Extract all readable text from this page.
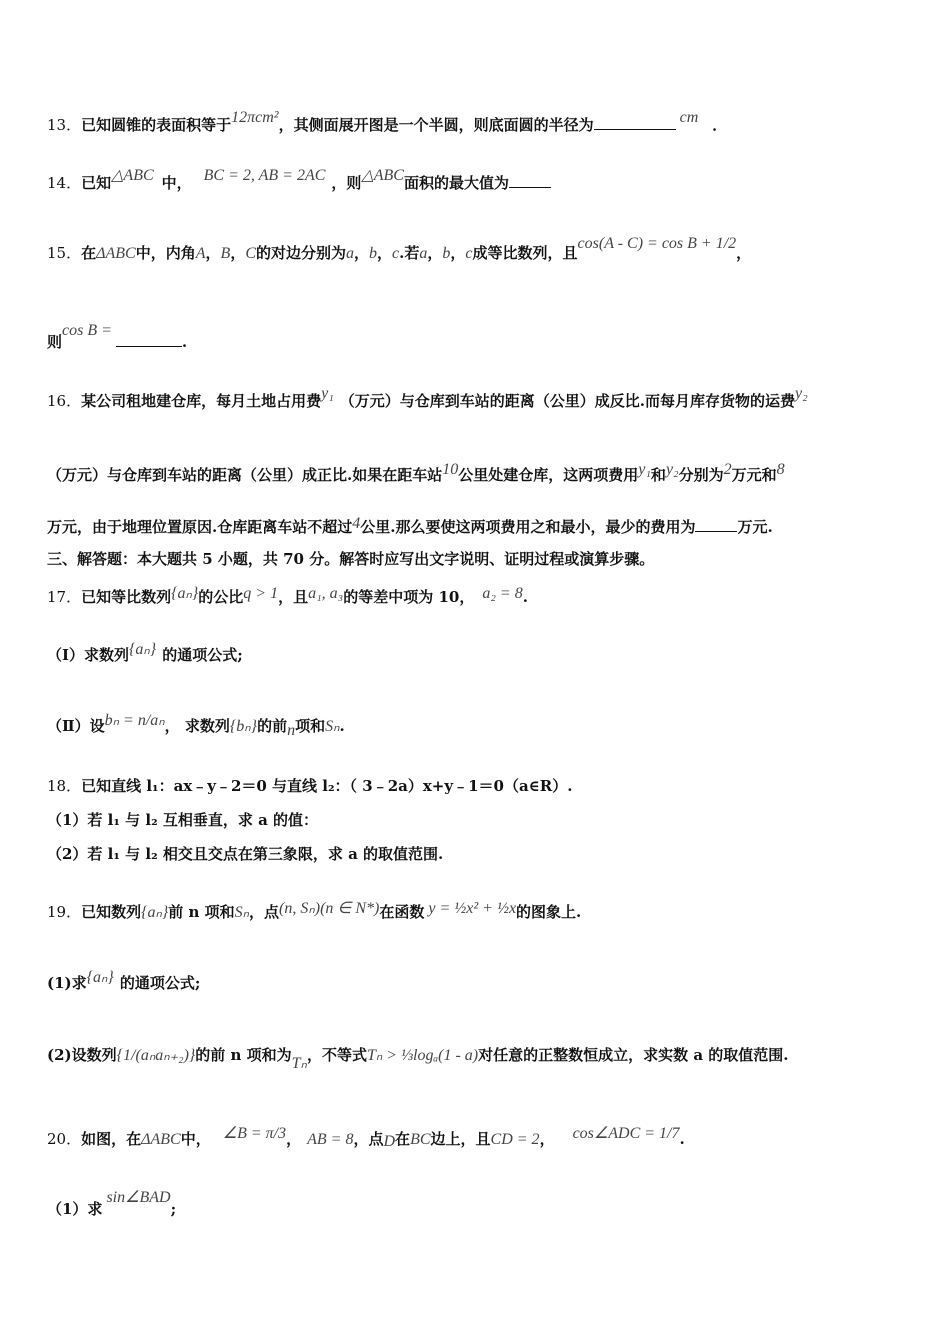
13．已知圆锥的表面积等于12πcm²，其侧面展开图是一个半圆，则底面圆的半径为	cm ．
14．已知△ABC 中， BC = 2, AB = 2AC ，则△ABC面积的最大值为
15．在ΔABC中，内角A，B，C的对边分别为a，b，c.若a，b，c成等比数列，且cos(A - C) = cos B + 1/2，
则cos B =.
16．某公司租地建仓库，每月土地占用费y₁ （万元）与仓库到车站的距离（公里）成反比.而每月库存货物的运费y₂
（万元）与仓库到车站的距离（公里）成正比.如果在距车站10公里处建仓库，这两项费用y₁和y₂分别为2万元和8
万元，由于地理位置原因.仓库距离车站不超过4公里.那么要使这两项费用之和最小，最少的费用为	万元.
三、解答题：本大题共 5 小题，共 70 分。解答时应写出文字说明、证明过程或演算步骤。
17．已知等比数列{aₙ}的公比q > 1，且a₁, a₃的等差中项为 10， a₂ = 8.
（Ⅰ）求数列{aₙ} 的通项公式;
（Ⅱ）设bₙ = n/aₙ， 求数列{bₙ}的前n项和Sₙ.
18．已知直线 l₁：ax﹣y﹣2＝0 与直线 l₂：（ 3﹣2a）x+y﹣1＝0（a∈R）.
（1）若 l₁ 与 l₂ 互相垂直，求 a 的值：
（2）若 l₁ 与 l₂ 相交且交点在第三象限，求 a 的取值范围.
19．已知数列{aₙ}前 n 项和Sₙ，点(n, Sₙ)(n ∈ N*)在函数 y = ½x² + ½x的图象上.
(1)求{aₙ} 的通项公式;
(2)设数列{1/(aₙaₙ₊₂)}的前 n 项和为Tₙ，不等式Tₙ > ⅓logₐ(1 - a)对任意的正整数恒成立，求实数 a 的取值范围.
20．如图，在ΔABC中， ∠B = π/3， AB = 8，点D在BC边上，且CD = 2， cos∠ADC = 1/7.
（1）求sin∠BAD;
